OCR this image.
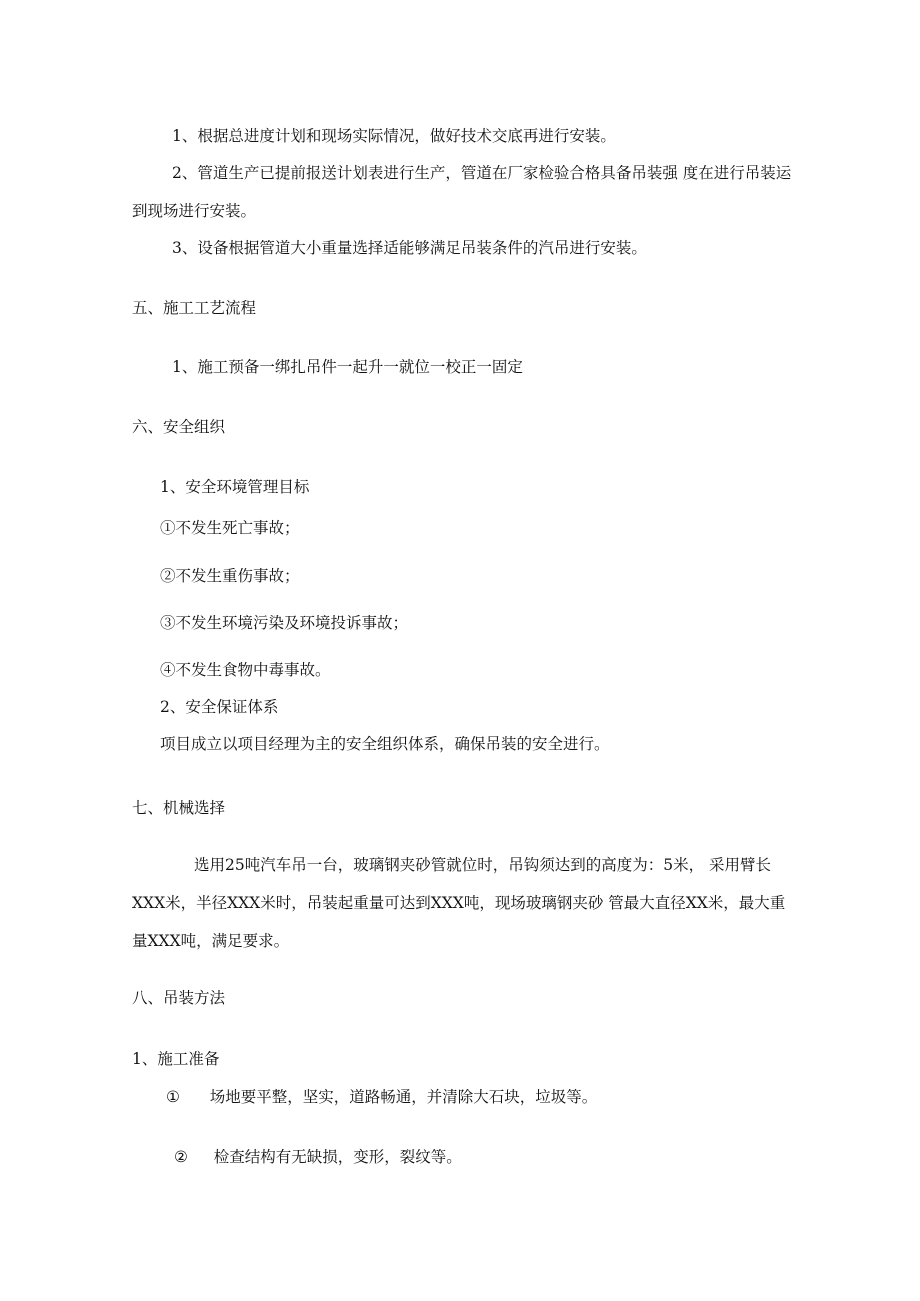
1、根据总进度计划和现场实际情况，做好技术交底再进行安装。

2、管道生产已提前报送计划表进行生产，管道在厂家检验合格具备吊装强 度在进行吊装运到现场进行安装。

3、设备根据管道大小重量选择适能够满足吊装条件的汽吊进行安装。

五、施工工艺流程

1、施工预备一绑扎吊件一起升一就位一校正一固定

六、安全组织

1、安全环境管理目标

①不发生死亡事故；

②不发生重伤事故；

③不发生环境污染及环境投诉事故；

④不发生食物中毒事故。

2、安全保证体系

项目成立以项目经理为主的安全组织体系，确保吊装的安全进行。

七、机械选择

选用25吨汽车吊一台，玻璃钢夹砂管就位时，吊钩须达到的高度为：5米， 采用臂长XXX米，半径XXX米时，吊装起重量可达到XXX吨，现场玻璃钢夹砂 管最大直径XX米，最大重量XXX吨，满足要求。

八、吊装方法

1、施工准备

① 场地要平整，坚实，道路畅通，并清除大石块，垃圾等。

② 检查结构有无缺损，变形，裂纹等。
